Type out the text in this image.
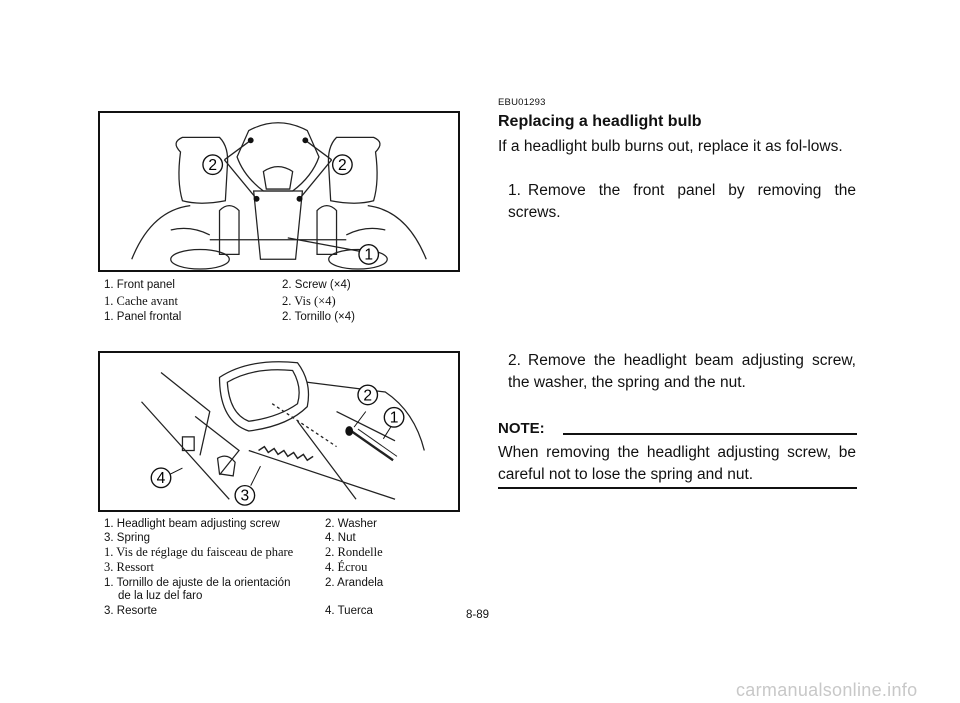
2	2
1
1. Front panel	2. Screw (×4)
1. Cache avant	2. Vis (×4)
1. Panel frontal	2. Tornillo (×4)
2
1
4
3
1. Headlight beam adjusting screw	2. Washer
3. Spring	4. Nut
1. Vis de réglage du faisceau de phare	2. Rondelle
3. Ressort	4. Écrou
1. Tornillo de ajuste de la orientación	2. Arandela
de la luz del faro
3. Resorte	4. Tuerca
EBU01293
Replacing a headlight bulb
If a headlight bulb burns out, replace it as fol-lows.
1. Remove the front panel by removing the screws.
2. Remove the headlight beam adjusting screw, the washer, the spring and the nut.
NOTE:
When removing the headlight adjusting screw, be careful not to lose the spring and nut.
8-89
carmanualsonline.info
